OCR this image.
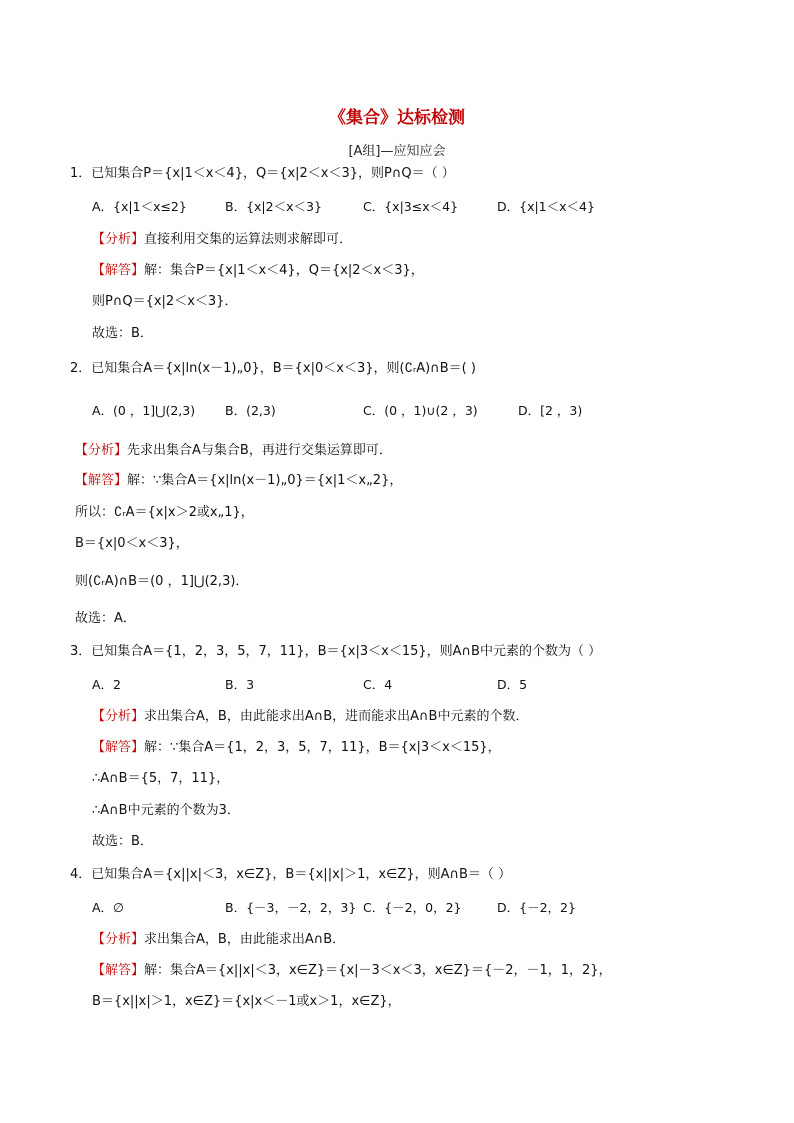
《集合》达标检测
[A组]—应知应会
1．已知集合P＝{x|1＜x＜4}，Q＝{x|2＜x＜3}，则P∩Q＝（ ）
A．{x|1＜x≤2}	B．{x|2＜x＜3}	C．{x|3≤x＜4}	D．{x|1＜x＜4}
【分析】直接利用交集的运算法则求解即可．
【解答】解：集合P＝{x|1＜x＜4}，Q＝{x|2＜x＜3}，
则P∩Q＝{x|2＜x＜3}．
故选：B．
2．已知集合A＝{x|ln(x－1)„0}，B＝{x|0＜x＜3}，则(∁ᵣA)∩B＝( )
A．(0 ，1]⋃(2,3) B．(2,3)	C．(0 ，1)∪(2 ，3)	D．[2 ，3)
【分析】先求出集合A与集合B，再进行交集运算即可．
【解答】解：∵集合A＝{x|ln(x－1)„0}＝{x|1＜x„2}，
所以：∁ᵣA＝{x|x＞2或x„1}，
B＝{x|0＜x＜3}，
则(∁ᵣA)∩B＝(0 ，1]⋃(2,3)．
故选：A．
3．已知集合A＝{1，2，3，5，7，11}，B＝{x|3＜x＜15}，则A∩B中元素的个数为（ ）
A．2	B．3	C．4	D．5
【分析】求出集合A，B，由此能求出A∩B，进而能求出A∩B中元素的个数．
【解答】解：∵集合A＝{1，2，3，5，7，11}，B＝{x|3＜x＜15}，
∴A∩B＝{5，7，11}，
∴A∩B中元素的个数为3．
故选：B．
4．已知集合A＝{x||x|＜3，x∈Z}，B＝{x||x|＞1，x∈Z}，则A∩B＝（ ）
A．∅	B．{－3，－2，2，3} C．{－2，0，2}	D．{－2，2}
【分析】求出集合A，B，由此能求出A∩B．
【解答】解：集合A＝{x||x|＜3，x∈Z}＝{x|－3＜x＜3，x∈Z}＝{－2，－1，1，2}，
B＝{x||x|＞1，x∈Z}＝{x|x＜－1或x＞1，x∈Z}，
